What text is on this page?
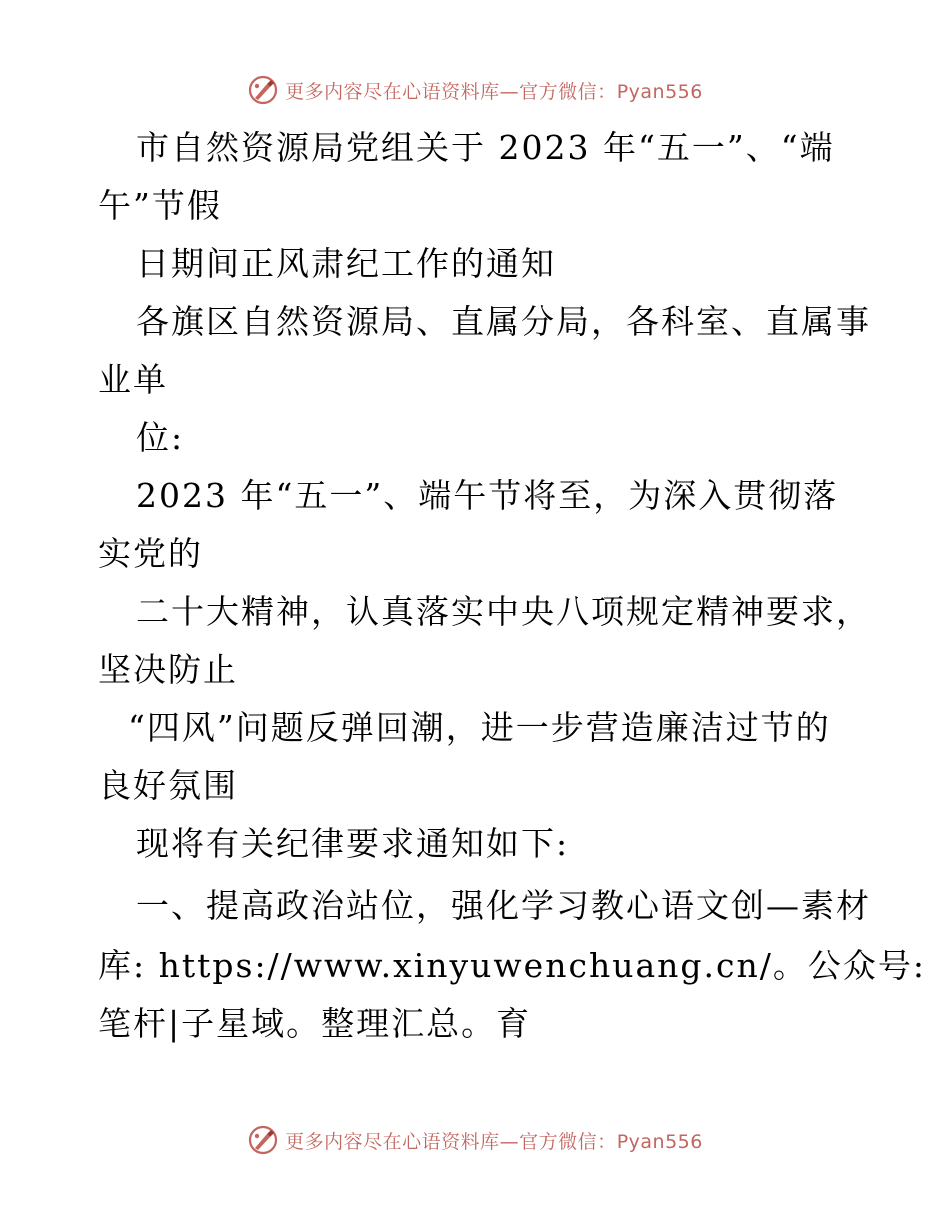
更多内容尽在心语资料库—官方微信：Pyan556
市自然资源局党组关于 2023 年“五一”、“端
午”节假
日期间正风肃纪工作的通知
各旗区自然资源局、直属分局，各科室、直属事
业单
位:
2023 年“五一”、端午节将至，为深入贯彻落
实党的
二十大精神，认真落实中央八项规定精神要求，
坚决防止
“四风”问题反弹回潮，进一步营造廉洁过节的
良好氛围
现将有关纪律要求通知如下:
一、提高政治站位，强化学习教心语文创—素材
库: https://www.xinyuwenchuang.cn/。公众号:
笔杆|子星域。整理汇总。育
更多内容尽在心语资料库—官方微信：Pyan556
